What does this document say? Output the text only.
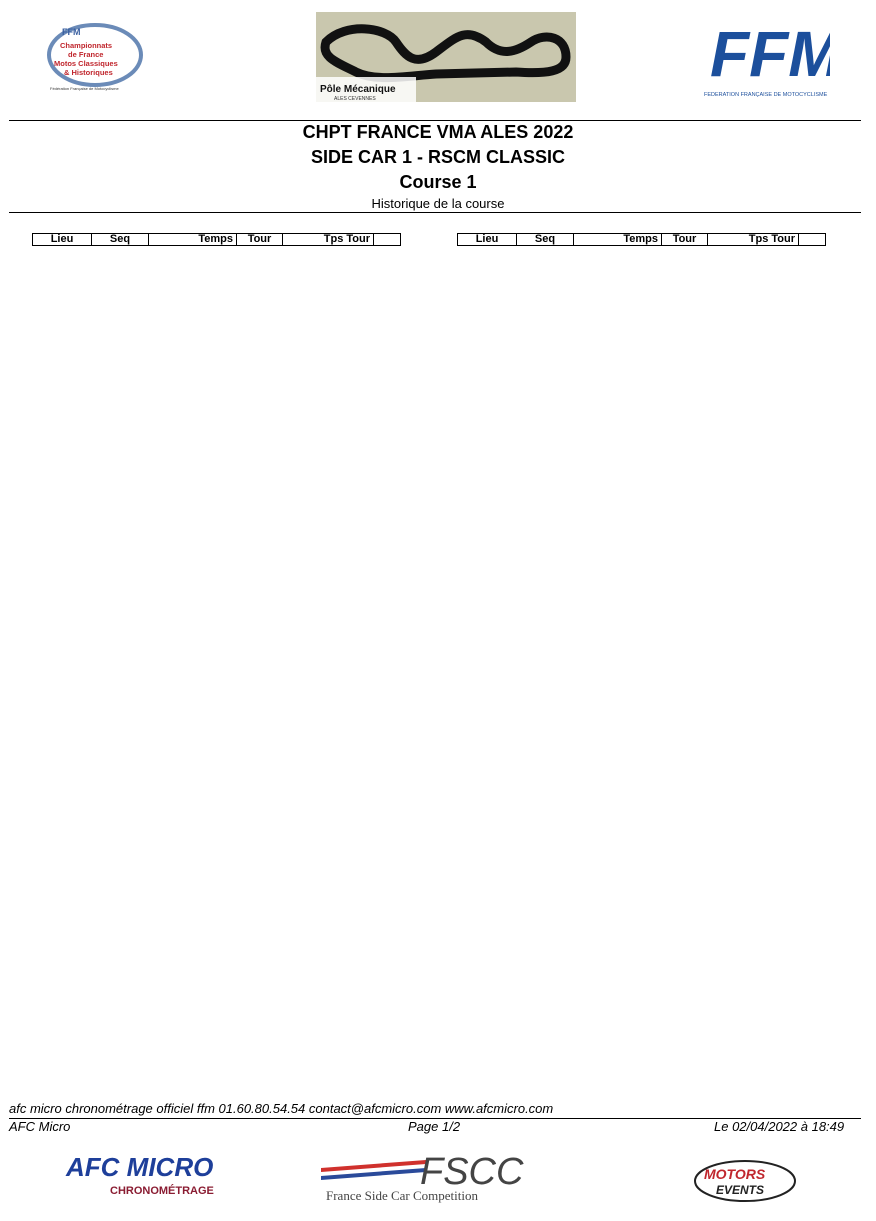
FFM
Championnats
de France
Motos Classiques
& Historiques
Fédération Française de Motocyclisme	Pôle Mécanique
ALES CEVENNES
FFM
FEDERATION FRANÇAISE DE MOTOCYCLISME
CHPT FRANCE VMA ALES 2022
SIDE CAR 1 - RSCM CLASSIC
Course 1
Historique de la course
Lieu	Seq	Temps	Tour	Tps Tour		Lieu	Seq	Temps	Tour	Tps Tour	
afc micro chronométrage officiel ffm 01.60.80.54.54 contact@afcmicro.com www.afcmicro.com
AFC Micro	Page 1/2	Le 02/04/2022 à 18:49
AFC MICRO
CHRONOMÉTRAGE	FSCC
France Side Car Competition
MOTORS
EVENTS
